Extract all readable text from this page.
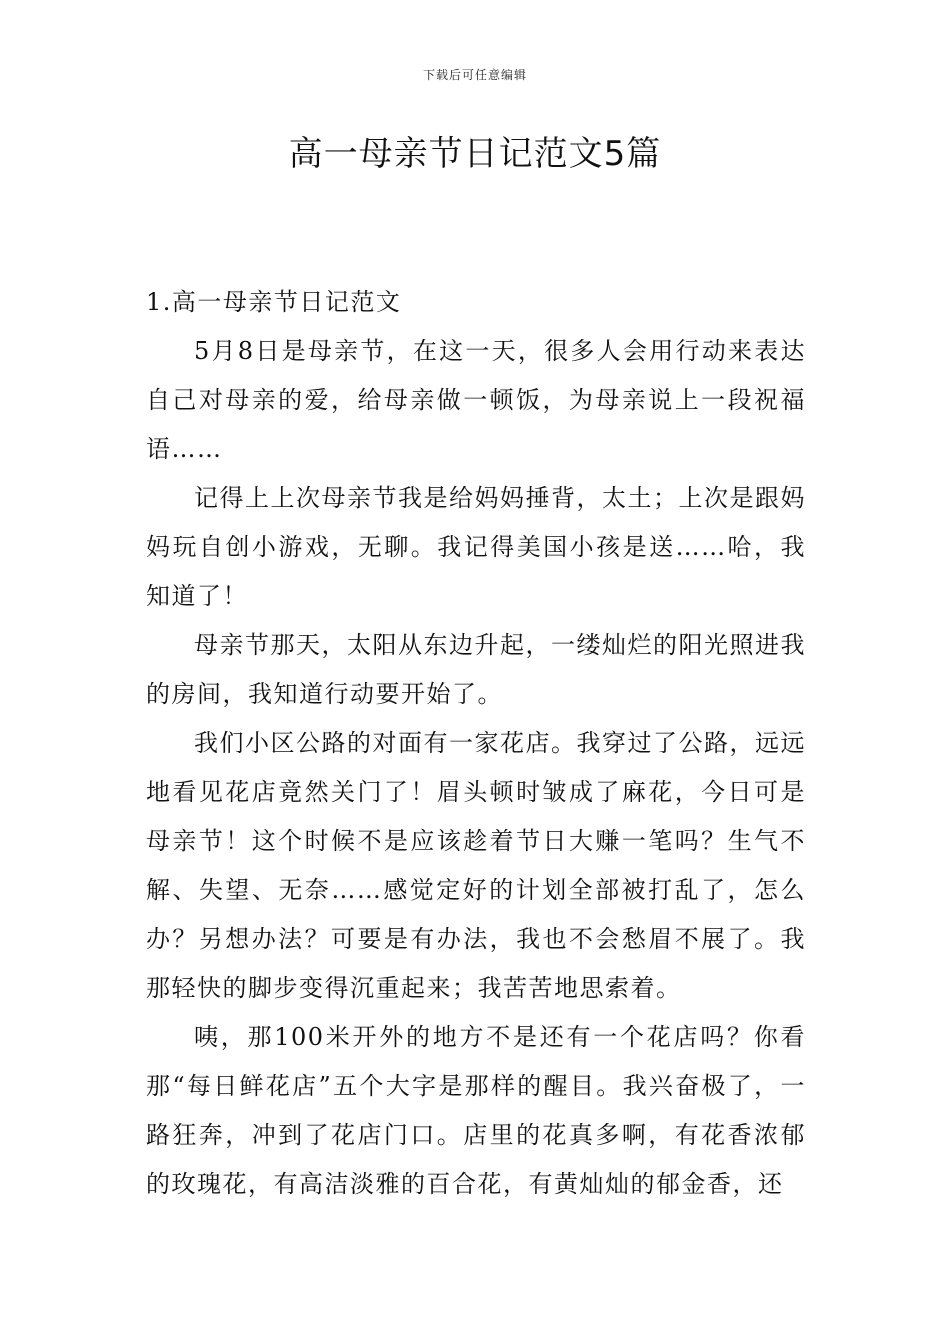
下载后可任意编辑
高一母亲节日记范文5篇
1.高一母亲节日记范文

5月8日是母亲节，在这一天，很多人会用行动来表达自己对母亲的爱，给母亲做一顿饭，为母亲说上一段祝福语……

记得上上次母亲节我是给妈妈捶背，太土；上次是跟妈妈玩自创小游戏，无聊。我记得美国小孩是送……哈，我知道了！

母亲节那天，太阳从东边升起，一缕灿烂的阳光照进我的房间，我知道行动要开始了。

我们小区公路的对面有一家花店。我穿过了公路，远远地看见花店竟然关门了！眉头顿时皱成了麻花，今日可是母亲节！这个时候不是应该趁着节日大赚一笔吗？生气不解、失望、无奈……感觉定好的计划全部被打乱了，怎么办？另想办法？可要是有办法，我也不会愁眉不展了。我那轻快的脚步变得沉重起来；我苦苦地思索着。

咦，那100米开外的地方不是还有一个花店吗？你看那“每日鲜花店”五个大字是那样的醒目。我兴奋极了，一路狂奔，冲到了花店门口。店里的花真多啊，有花香浓郁的玫瑰花，有高洁淡雅的百合花，有黄灿灿的郁金香，还
